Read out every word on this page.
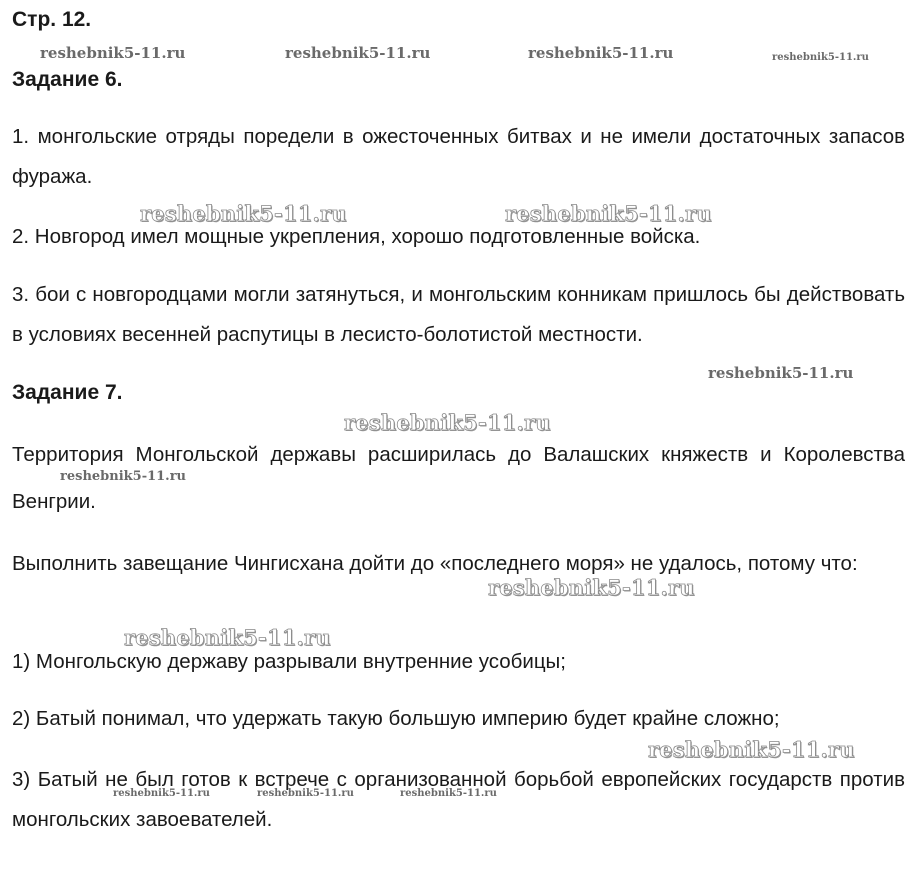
Стр. 12.
Задание 6.

1. монгольские отряды поредели в ожесточенных битвах и не имели достаточных запасов фуража.

2. Новгород имел мощные укрепления, хорошо подготовленные войска.

3. бои с новгородцами могли затянуться, и монгольским конникам пришлось бы действовать в условиях весенней распутицы в лесисто-болотистой местности.

Задание 7.

Территория Монгольской державы расширилась до Валашских княжеств и Королевства Венгрии.

Выполнить завещание Чингисхана дойти до «последнего моря» не удалось, потому что:

1) Монгольскую державу разрывали внутренние усобицы;

2) Батый понимал, что удержать такую большую империю будет крайне сложно;

3) Батый не был готов к встрече с организованной борьбой европейских государств против монгольских завоевателей.

reshebnik5-11.ru	reshebnik5-11.ru	reshebnik5-11.ru	reshebnik5-11.ru
reshebnik5-11.ru	reshebnik5-11.ru
reshebnik5-11.ru
reshebnik5-11.ru
reshebnik5-11.ru
reshebnik5-11.ru
reshebnik5-11.ru
reshebnik5-11.ru
reshebnik5-11.ru	reshebnik5-11.ru	reshebnik5-11.ru
